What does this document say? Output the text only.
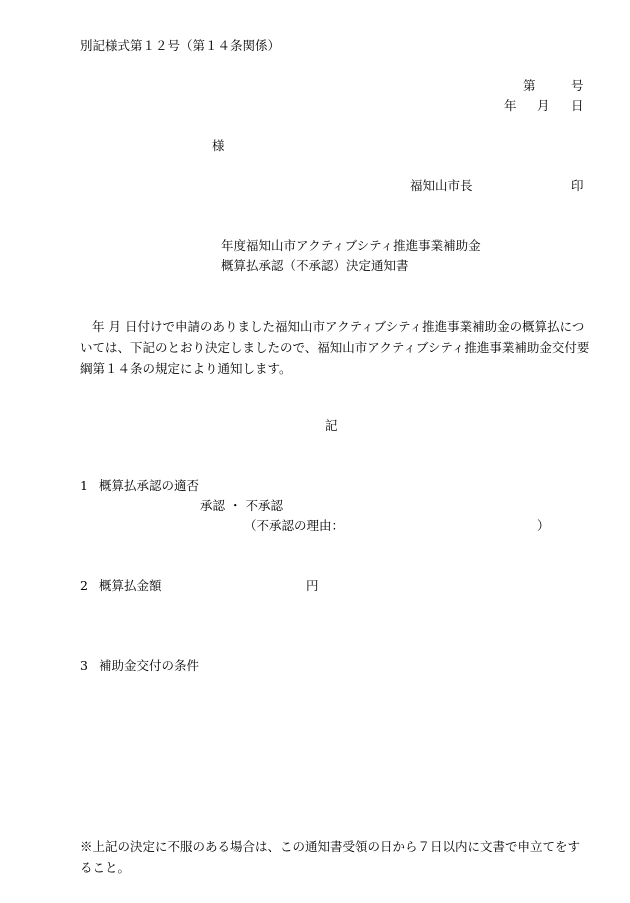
別記様式第１２号（第１４条関係）
第	号
年 月 日
様
福知山市長	印
年度福知山市アクティブシティ推進事業補助金
概算払承認（不承認）決定通知書
年 月 日付けで申請のありました福知山市アクティブシティ推進事業補助金の概算払については、下記のとおり決定しましたので、福知山市アクティブシティ推進事業補助金交付要綱第１４条の規定により通知します。
記
1 概算払承認の適否
承認 ・ 不承認
（不承認の理由：	）
2 概算払金額	円
3 補助金交付の条件
※上記の決定に不服のある場合は、この通知書受領の日から７日以内に文書で申立てをすること。
